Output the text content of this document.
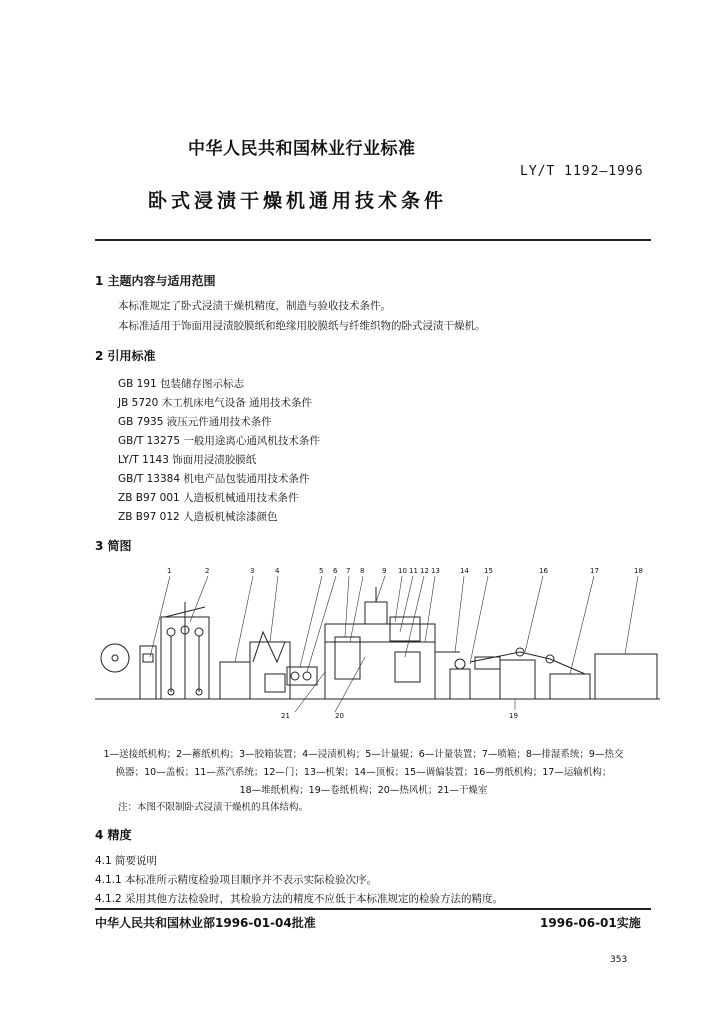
中华人民共和国林业行业标准
LY/T 1192—1996
卧式浸渍干燥机通用技术条件
1 主题内容与适用范围
本标准规定了卧式浸渍干燥机精度，制造与验收技术条件。
本标准适用于饰面用浸渍胶膜纸和绝缘用胶膜纸与纤维织物的卧式浸渍干燥机。
2 引用标准
GB 191 包装储存图示标志
JB 5720 木工机床电气设备 通用技术条件
GB 7935 液压元件通用技术条件
GB/T 13275 一般用途离心通风机技术条件
LY/T 1143 饰面用浸渍胶膜纸
GB/T 13384 机电产品包装通用技术条件
ZB B97 001 人造板机械通用技术条件
ZB B97 012 人造板机械涂漆颜色
3 简图
1	2	3	4	5 6 7 8	9 10 11 12 13	14 15	16	17	18
21	20	19
1—送接纸机构；2—蓄纸机构；3—胶箱装置；4—浸渍机构；5—计量辊；6—计量装置；7—喷箱；8—排湿系统；9—热交
换器；10—盖板；11—蒸汽系统；12—门；13—机架；14—顶板；15—调偏装置；16—剪纸机构；17—运输机构；
18—堆纸机构；19—卷纸机构；20—热风机；21—干燥室
注：本图不限制卧式浸渍干燥机的具体结构。
4 精度
4.1 简要说明
4.1.1 本标准所示精度检验项目顺序并不表示实际检验次序。
4.1.2 采用其他方法检验时，其检验方法的精度不应低于本标准规定的检验方法的精度。
中华人民共和国林业部1996-01-04批准	1996-06-01实施
353
